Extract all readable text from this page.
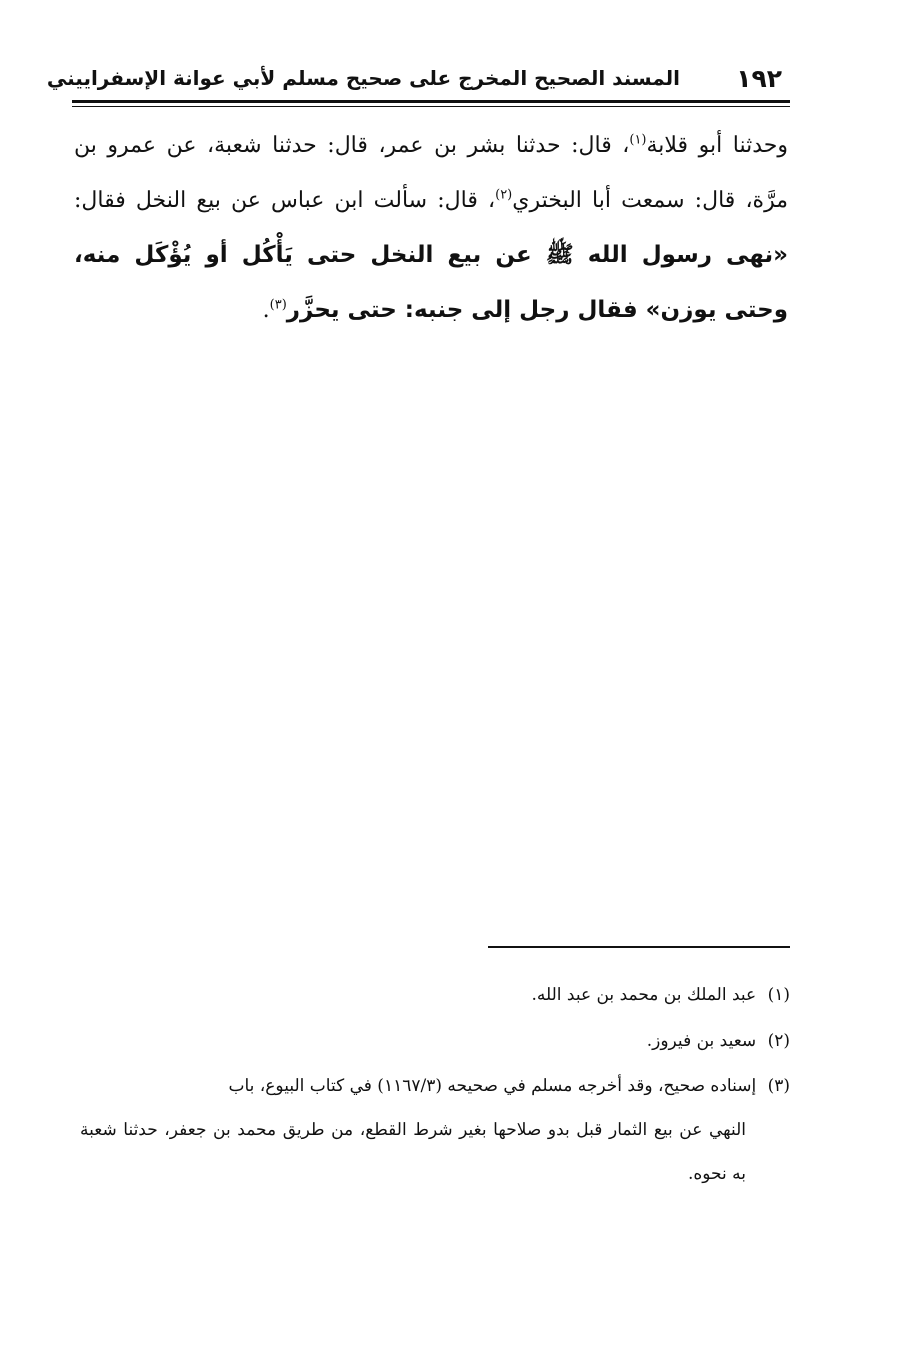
١٩٢
المسند الصحيح المخرج على صحيح مسلم لأبي عوانة الإسفراييني
وحدثنا أبو قلابة$^{(١)}$، قال: حدثنا بشر بن عمر، قال: حدثنا شعبة، عن عمرو بن مرَّة، قال: سمعت أبا البختري$^{(٢)}$، قال: سألت ابن عباس عن بيع النخل فقال: «نهى رسول الله ﷺ عن بيع النخل حتى يَأْكُل أو يُؤْكَل منه، وحتى يوزن» فقال رجل إلى جنبه: حتى يحزَّر$^{(٣)}$.
(١) عبد الملك بن محمد بن عبد الله.
(٢) سعيد بن فيروز.
(٣) إسناده صحيح، وقد أخرجه مسلم في صحيحه (١١٦٧/٣) في كتاب البيوع، باب
النهي عن بيع الثمار قبل بدو صلاحها بغير شرط القطع، من طريق محمد بن جعفر، حدثنا شعبة به نحوه.
